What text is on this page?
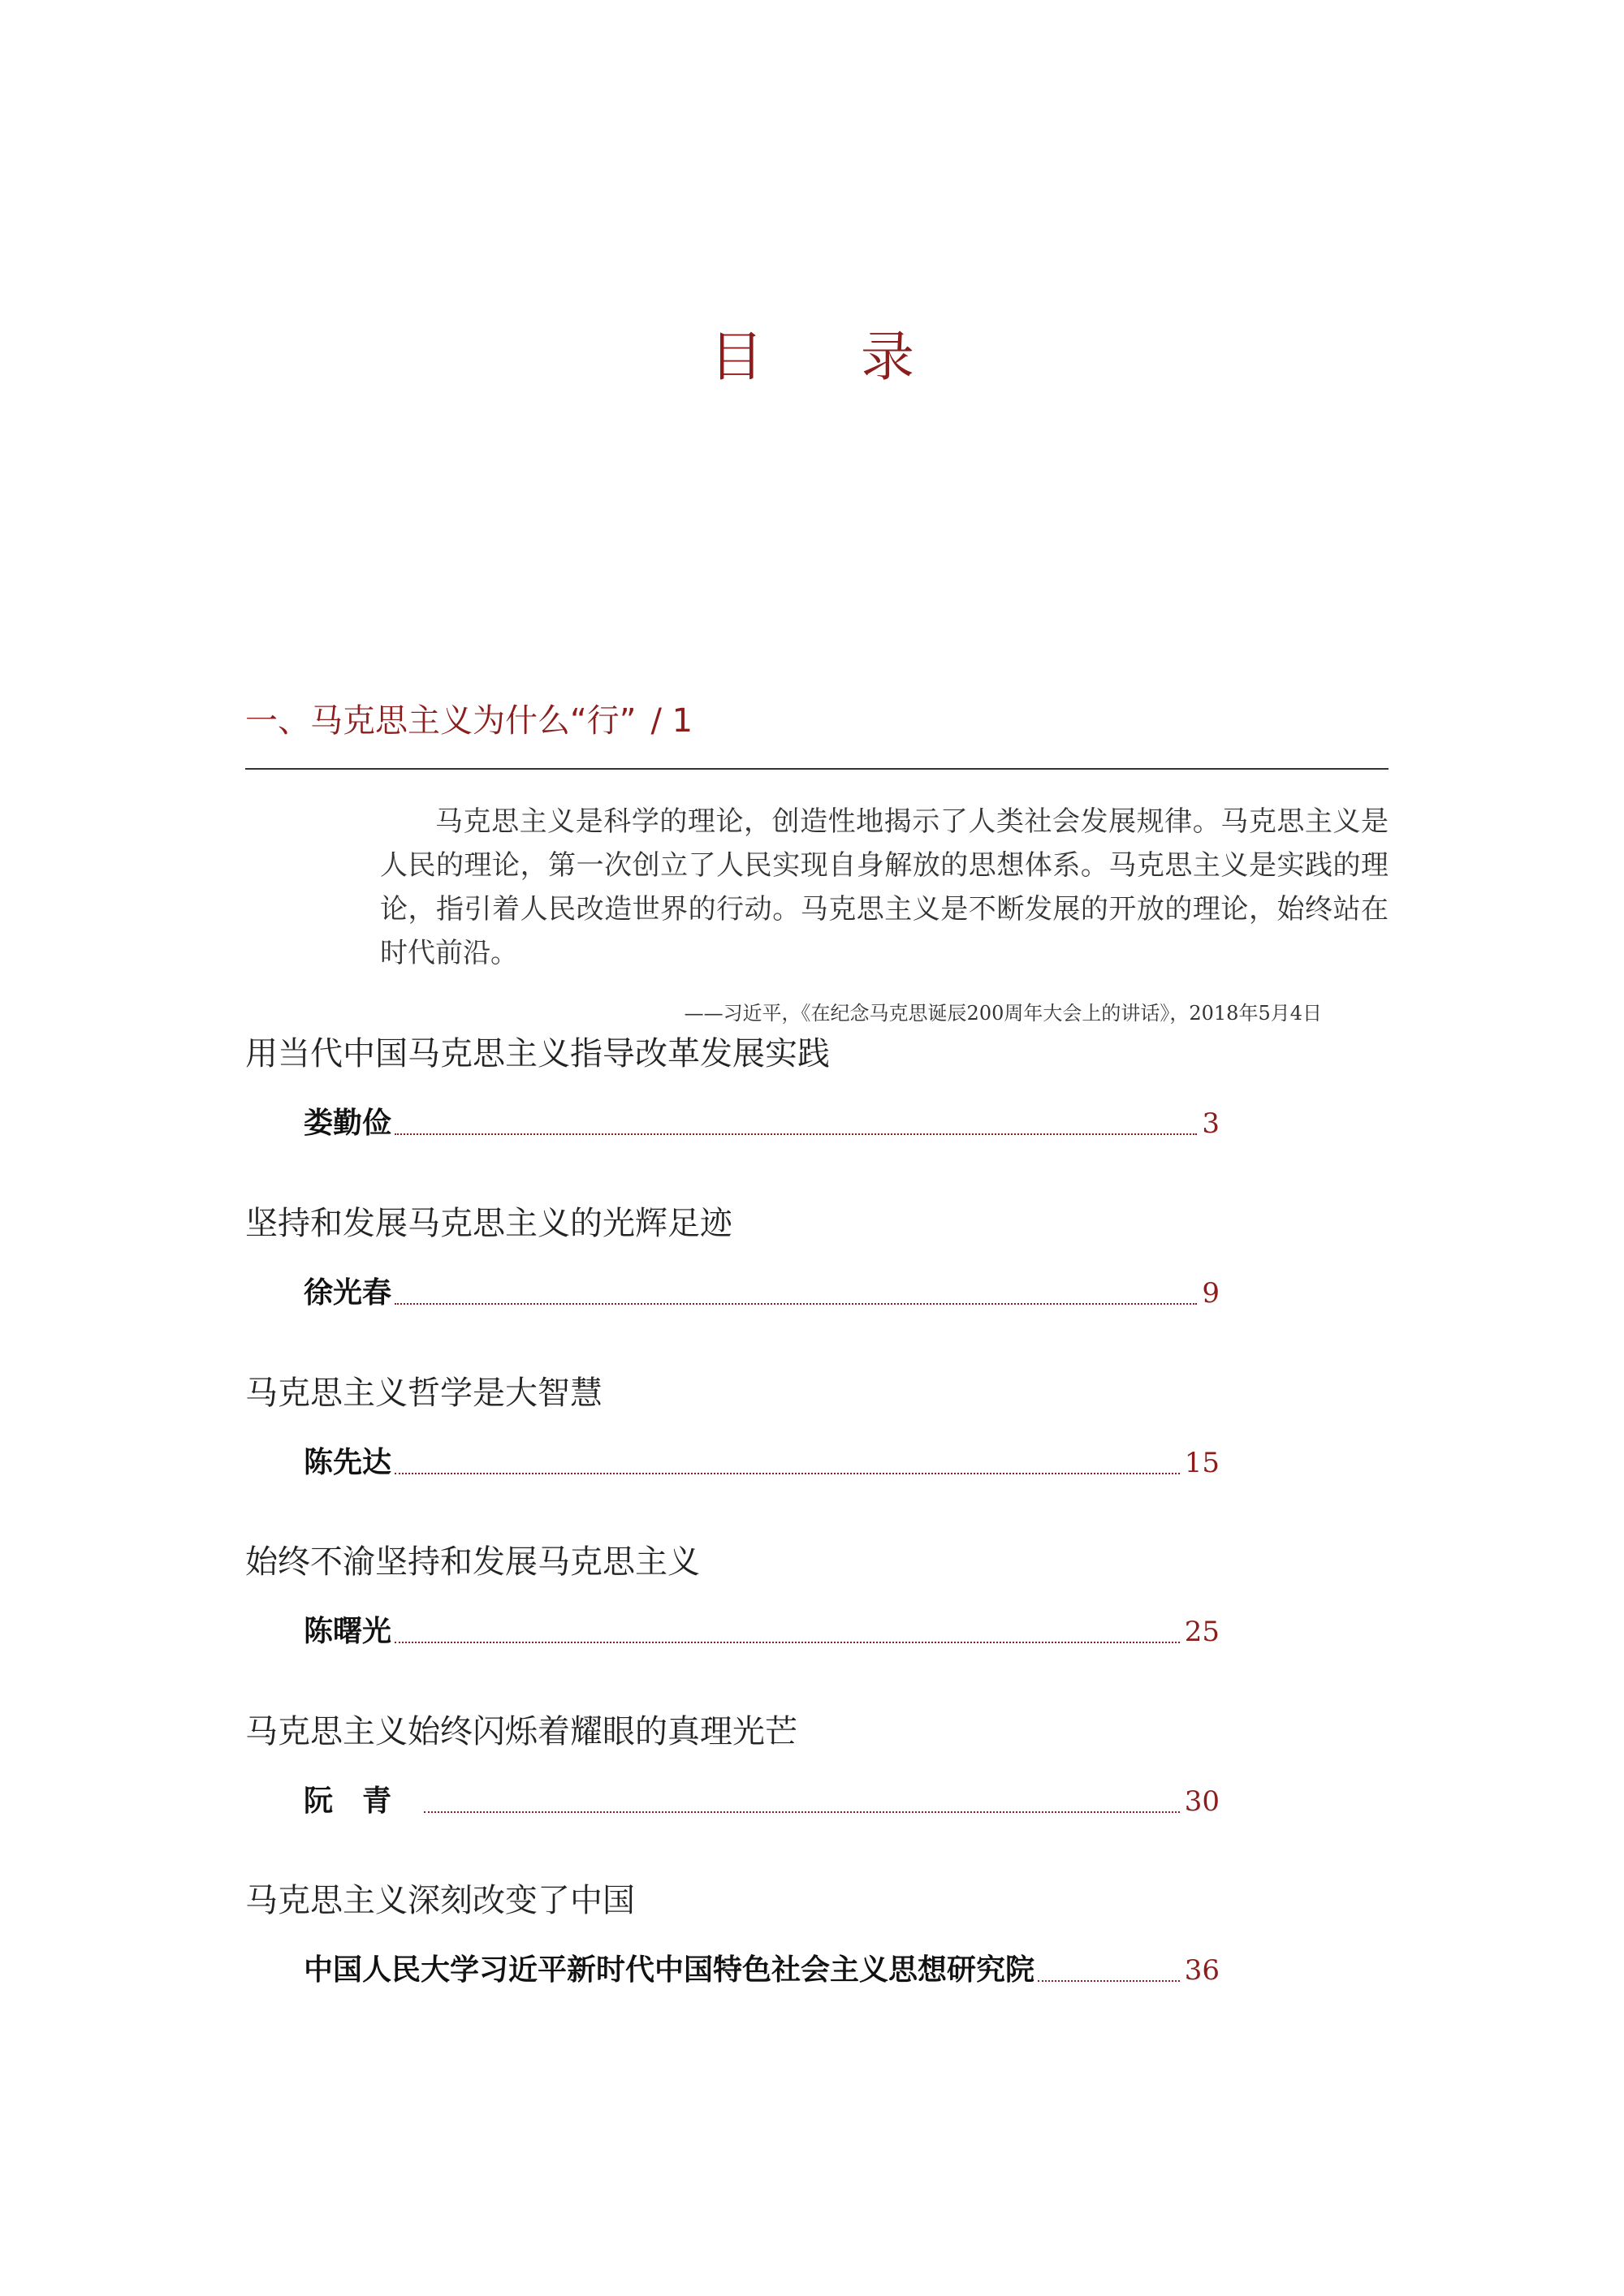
目录
一、马克思主义为什么“行” / 1
马克思主义是科学的理论，创造性地揭示了人类社会发展规律。马克思主义是人民的理论，第一次创立了人民实现自身解放的思想体系。马克思主义是实践的理论，指引着人民改造世界的行动。马克思主义是不断发展的开放的理论，始终站在时代前沿。
——习近平，《在纪念马克思诞辰200周年大会上的讲话》，2018年5月4日
用当代中国马克思主义指导改革发展实践
娄勤俭	3
坚持和发展马克思主义的光辉足迹
徐光春	9
马克思主义哲学是大智慧
陈先达	15
始终不渝坚持和发展马克思主义
陈曙光	25
马克思主义始终闪烁着耀眼的真理光芒
阮青	30
马克思主义深刻改变了中国
中国人民大学习近平新时代中国特色社会主义思想研究院	36
